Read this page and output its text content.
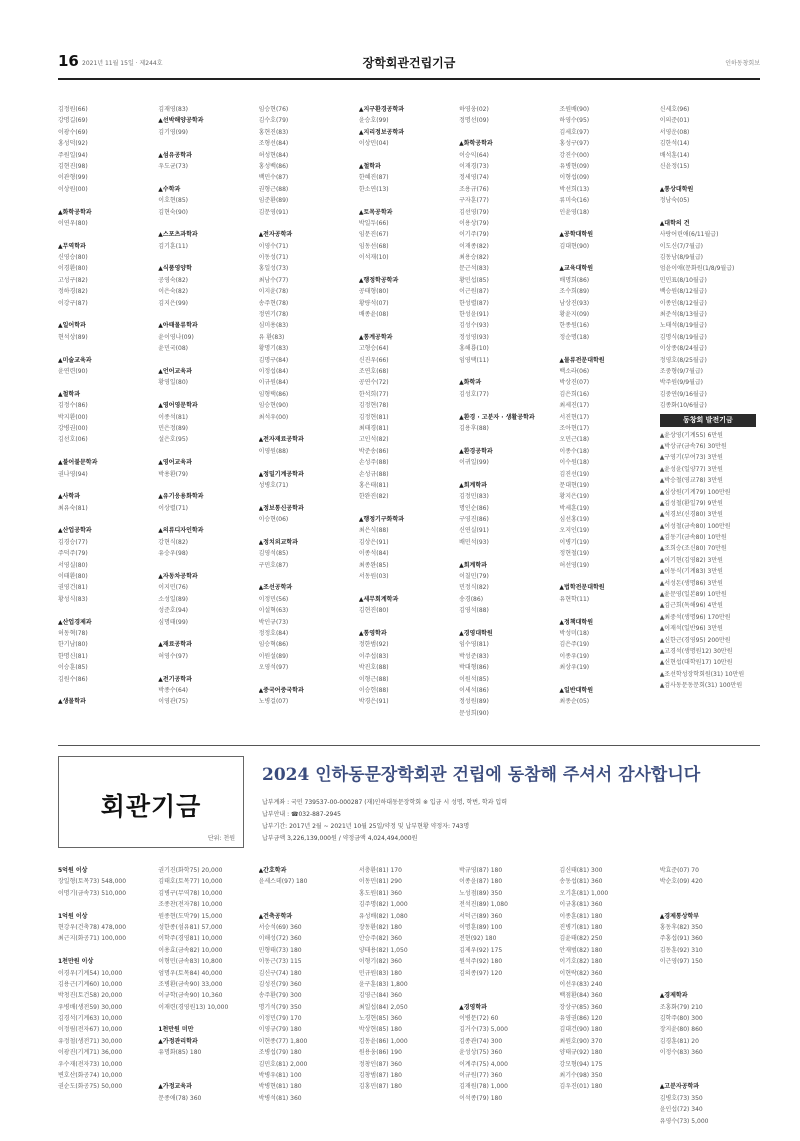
16 2021년 11월 15일 · 제244호	장학회관건립기금	인하동창회보
김정원(66)
강명길(69)
이광수(69)
홍성덕(92)
주원일(94)
김현진(98)
이관형(99)
이상원(00)
▲화학공학과
이연우(80)
▲무역학과
신영승(80)
이경환(80)
고성구(82)
정하경(82)
이강구(87)
▲일어학과
현석상(89)
▲미술교육과
윤연련(90)
▲철학과
김정수(86)
박지환(00)
강병권(00)
김선호(06)
▲불어불문학과
권나영(94)
▲사학과
최유숙(81)
▲산업공학과
김경승(77)
주덕주(79)
서영실(80)
이태환(80)
권영건(81)
황성식(83)
▲산업경제과
허동혁(78)
한기남(80)
한명신(81)
이승훈(85)
김원수(86)
▲생물학과
김재영(83)
▲선박해양공학과
김기영(99)
▲섬유공학과
우도균(73)
▲수학과
이호현(85)
김현숙(90)
▲스포츠과학과
김기훈(11)
▲식품영양학
공영숙(82)
이은숙(82)
김지은(99)
▲아태물류학과
윤이영나(09)
윤민국(08)
▲언어교육과
황영일(80)
▲영어영문학과
이종석(81)
민은정(89)
설은호(95)
▲영어교육과
박용환(79)
▲유기응용화학과
이상렬(71)
▲의류디자인학과
강현식(82)
유승우(98)
▲자동차공학과
이지민(76)
소성일(89)
성준호(94)
심명태(99)
▲재료공학과
허영수(97)
▲전기공학과
박종수(64)
이영관(75)
임승현(76)
김수호(79)
홍현진(83)
조형선(84)
허성현(84)
홍성백(86)
백민수(87)
권형근(88)
임준환(89)
김문영(91)
▲전자공학과
이영수(71)
이동성(71)
홍일성(73)
최남수(77)
이지윤(78)
송주현(78)
정연기(78)
심미용(83)
유 환(83)
황명기(83)
김명구(84)
이정섭(84)
이규원(84)
임형택(86)
임승현(90)
최석우(00)
▲전자재료공학과
이영원(88)
▲정밀기계공학과
성병호(71)
▲정보통신공학과
이승현(06)
▲정치외교학과
김영석(85)
구민호(87)
▲조선공학과
이정민(56)
이설혁(63)
박인규(73)
정정호(84)
임승혁(86)
이원설(89)
오영석(97)
▲중국어중국학과
노병걸(07)
▲지구환경공학과
윤승호(99)
▲지리정보공학과
이상민(04)
▲철학과
한혜진(87)
한소연(13)
▲토목공학과
박일두(66)
임문진(67)
임동선(68)
이석재(10)
▲행정학공학과
공태형(80)
황량석(07)
배종윤(08)
▲통계공학과
고형승(64)
신진우(66)
조연호(68)
공연수(72)
한석희(77)
김정현(78)
김정현(81)
최태경(81)
고인석(82)
박준송(86)
손성주(88)
손성규(88)
홍은태(81)
한완진(82)
▲행정기구화학과
최은식(88)
김상은(91)
이종석(84)
최종완(85)
서동원(03)
▲세무회계학과
김현진(80)
▲통영학과
정한범(92)
이주섭(83)
박진호(88)
이형근(88)
이승헌(88)
박경은(91)
하영웅(02)
정명선(09)
▲화학공학과
이승익(64)
이재경(73)
정세영(74)
조용규(76)
구자훈(77)
김선영(79)
이용상(79)
이기주(79)
이재종(82)
최용승(82)
문근석(83)
황민섭(85)
이근원(87)
한성렬(87)
한성윤(91)
김성수(93)
정성영(93)
홍해룡(10)
임영택(11)
▲화학과
김성호(77)
▲환경 · 고분자 · 생활공학과
김용후(88)
▲환경공학과
이귀일(99)
▲회계학과
김정민(83)
명인순(86)
구영진(86)
신연실(91)
배민석(93)
▲회계학과
이칠민(79)
민정식(82)
송경(86)
김영석(88)
▲경영대학원
임수영(81)
박성준(83)
박대형(86)
이원석(85)
이세석(86)
정성원(89)
문성희(90)
조원배(90)
하영수(95)
김세호(97)
홍성구(97)
강진수(00)
유병현(09)
이형섭(09)
박선희(13)
류미숙(16)
인윤영(18)
▲공학대학원
김대현(90)
▲교육대학원
배명희(86)
조수희(89)
남상진(93)
황윤지(09)
한종원(16)
정순명(18)
▲물류전문대학원
백소라(06)
박상진(07)
김은희(16)
최세진(17)
서진현(17)
조아현(17)
오민근(18)
이종수(18)
이수원(18)
김진선(19)
문대현(19)
황지은(19)
박세훈(19)
심선홍(19)
오지인(19)
이병기(19)
정현철(19)
허선영(19)
▲법학전문대학원
유현학(11)
▲정책대학원
박성미(18)
김은주(19)
이종우(19)
최상우(19)
▲일반대학원
최종순(05)
신세호(96)
이의준(01)
서영운(08)
김한석(14)
배석훈(14)
신윤정(15)
▲통상대학원
정남숙(05)
▲대학의 건
사랑어린애(6/11월급)
이도신(7/7월급)
김동남(8/9월급)
엄윤이애(문화원(1/8/9월급)
민민표(8/10월급)
백승원(8/12월급)
이종인(8/12월급)
최준석(8/13월급)
노태석(8/19월급)
김명식(8/19월급)
이상종(8/24월급)
정영호(8/25월급)
조중형(9/7월급)
박주원(9/9월급)
김중연(9/16월급)
김종화(10/6월급)
동창회 발전기금
▲윤상영(기계55) 6만원
▲박상규(금속76) 30만원
▲구영기(부여73) 3만원
▲윤성윤(일양77) 3만원
▲박승철(영교78) 3만원
▲심상원(기계79) 100만원
▲김성철(환일79) 9만원
▲석경보(신경80) 3만원
▲이성철(금속80) 100만원
▲김동기(금속80) 10만원
▲조희승(조신80) 70만원
▲이기현(김영82) 3만원
▲이동식(기계83) 3만원
▲서성돈(생명86) 3만원
▲윤문영(일본89) 10만원
▲김근희(독해96) 4만원
▲최중석(생명96) 170만원
▲이재석(일반96) 3만원
▲신한근(경영95) 200만원
▲고경석(생명원12) 30만원
▲신현섭(대학원17) 10만원
▲조선학성장학회원(31) 10만원
▲검사동문동문회(31) 100만원
회관기금
단위: 천원
2024 인하동문장학회관 건립에 동참해 주셔서 감사합니다
납부계좌 : 국민 739537-00-000287 (재)인하대동문장학회 ※ 입금 시 성명, 학번, 학과 입력
납부안내 : ☎032-887-2945
납부기간: 2017년 2월 ~ 2021년 10월 25일/약정 및 납부현황 약정자: 743명
납부금액 3,226,139,000원 / 약정금액 4,024,494,000원
5억원 이상
장일형(토목73) 548,000
이명기(금속73) 510,000
1억원 이상
현강우(건축78) 478,000
최근지(화공71) 100,000
1천만원 이상
이경우(기계54) 10,000
김용근(기계60) 10,000
박청진(토건58) 20,000
우병배(생전59) 30,000
김경석(기계63) 10,000
이정림(전자67) 10,000
유정철(생전71) 30,000
이광진(기계71) 36,000
우수재(전자73) 10,000
변호산(화공74) 10,000
권순도(화공75) 50,000
권기진(화학75) 20,000
김태호(토목77) 10,000
김병구(무역78) 10,000
조종찬(전자78) 10,000
원종현(도막79) 15,000
성한종(섬유81) 57,000
이학주(경영81) 10,000
이용효(금속82) 10,000
이형민(금속83) 10,800
엄명우(토목84) 40,000
조병환(금속90) 33,000
이규학(금속90) 10,360
이재련(경영원13) 10,000
1천만원 미만
▲가정관리학과
유명화(85) 180
▲가정교육과
문종애(78) 360
▲간호학과
윤세스데(97) 180
▲건축공학과
서승석(69) 360
이해성(72) 360
민형태(73) 180
이동근(73) 115
김신구(74) 180
김성진(79) 360
송주환(79) 300
명기석(79) 350
이정민(79) 170
이영규(79) 180
이현종(77) 1,800
조병섭(79) 180
김민호(81) 2,000
박병우(81) 100
박병현(81) 180
박병석(81) 360
서충환(81) 170
이동민(81) 290
홍도원(81) 360
김주명(82) 1,000
유성배(82) 1,080
장동환(82) 180
안승주(82) 360
양태용(82) 1,050
이형기(82) 360
민규원(83) 180
윤구훈(83) 1,800
김영근(84) 360
최일섭(84) 2,050
노경현(85) 360
박상현(85) 180
김동윤(86) 1,000
원용웅(86) 190
정창인(87) 360
김창범(87) 180
김홍민(87) 180
박규영(87) 180
이종윤(87) 180
노성점(89) 350
전석진(89) 1,080
서덕근(89) 360
이명훈(89) 100
전현(92) 180
김제우(92) 175
원석주(92) 180
김의종(97) 120
▲경영학과
이병문(72) 60
김거수(73) 5,000
김종관(74) 300
윤성상(75) 360
이계주(75) 4,000
이규원(77) 360
김재원(78) 1,000
이석종(79) 180
김신태(81) 300
송동섭(81) 360
오기훈(81) 1,000
이규홍(81) 360
이종훈(81) 180
진병기(81) 180
김윤태(82) 250
안재범(82) 180
이기호(82) 180
이현락(82) 360
이선우(83) 240
백점환(84) 360
장상구(85) 360
유영권(86) 120
김대건(90) 180
최원호(90) 370
양태규(92) 180
강모형(94) 175
최기수(98) 350
김우진(01) 180
박효준(07) 70
박순호(09) 420
▲경제통상학부
홍동후(82) 350
주홍섭(91) 360
김동훈(92) 310
이근영(97) 150
▲경제학과
조홍화(79) 210
김학주(80) 300
장지윤(80) 860
김경훈(81) 20
이정수(83) 360
▲고분자공학과
김병호(73) 350
윤인섭(72) 340
유영수(73) 5,000
